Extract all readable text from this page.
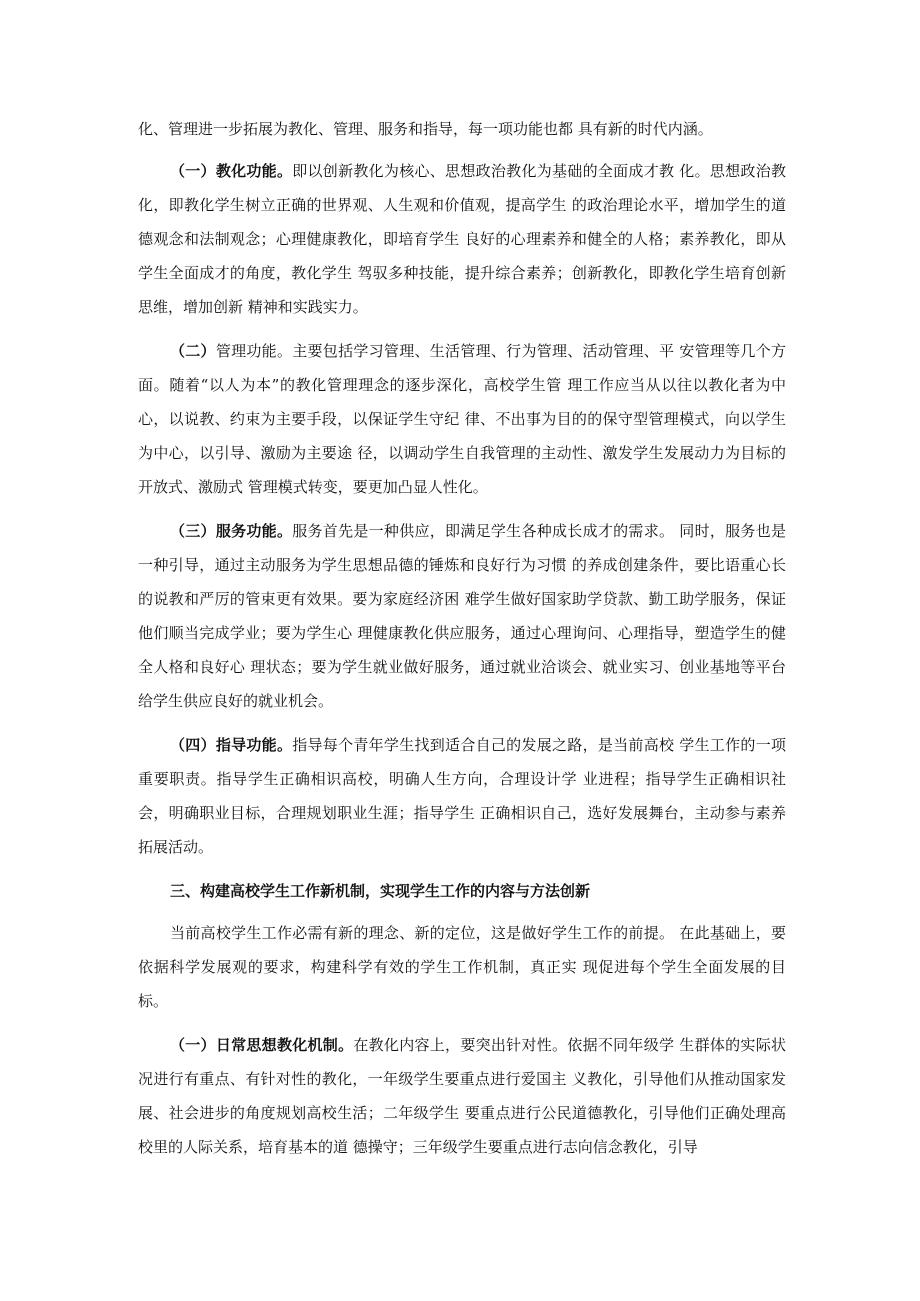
化、管理进一步拓展为教化、管理、服务和指导，每一项功能也都 具有新的时代内涵。

（一）教化功能。即以创新教化为核心、思想政治教化为基础的全面成才教 化。思想政治教化，即教化学生树立正确的世界观、人生观和价值观，提高学生 的政治理论水平，增加学生的道德观念和法制观念；心理健康教化，即培育学生 良好的心理素养和健全的人格；素养教化，即从学生全面成才的角度，教化学生 驾驭多种技能，提升综合素养；创新教化，即教化学生培育创新思维，增加创新 精神和实践实力。

（二）管理功能。主要包括学习管理、生活管理、行为管理、活动管理、平 安管理等几个方面。随着“以人为本”的教化管理理念的逐步深化，高校学生管 理工作应当从以往以教化者为中心，以说教、约束为主要手段，以保证学生守纪 律、不出事为目的的保守型管理模式，向以学生为中心，以引导、激励为主要途 径，以调动学生自我管理的主动性、激发学生发展动力为目标的开放式、激励式 管理模式转变，要更加凸显人性化。

（三）服务功能。服务首先是一种供应，即满足学生各种成长成才的需求。 同时，服务也是一种引导，通过主动服务为学生思想品德的锤炼和良好行为习惯 的养成创建条件，要比语重心长的说教和严厉的管束更有效果。要为家庭经济困 难学生做好国家助学贷款、勤工助学服务，保证他们顺当完成学业；要为学生心 理健康教化供应服务，通过心理询问、心理指导，塑造学生的健全人格和良好心 理状态；要为学生就业做好服务，通过就业洽谈会、就业实习、创业基地等平台 给学生供应良好的就业机会。

（四）指导功能。指导每个青年学生找到适合自己的发展之路，是当前高校 学生工作的一项重要职责。指导学生正确相识高校，明确人生方向，合理设计学 业进程；指导学生正确相识社会，明确职业目标，合理规划职业生涯；指导学生 正确相识自己，选好发展舞台，主动参与素养拓展活动。

三、构建高校学生工作新机制，实现学生工作的内容与方法创新

当前高校学生工作必需有新的理念、新的定位，这是做好学生工作的前提。 在此基础上，要依据科学发展观的要求，构建科学有效的学生工作机制，真正实 现促进每个学生全面发展的目标。

（一）日常思想教化机制。在教化内容上，要突出针对性。依据不同年级学 生群体的实际状况进行有重点、有针对性的教化，一年级学生要重点进行爱国主 义教化，引导他们从推动国家发展、社会进步的角度规划高校生活；二年级学生 要重点进行公民道德教化，引导他们正确处理高校里的人际关系，培育基本的道 德操守；三年级学生要重点进行志向信念教化，引导
